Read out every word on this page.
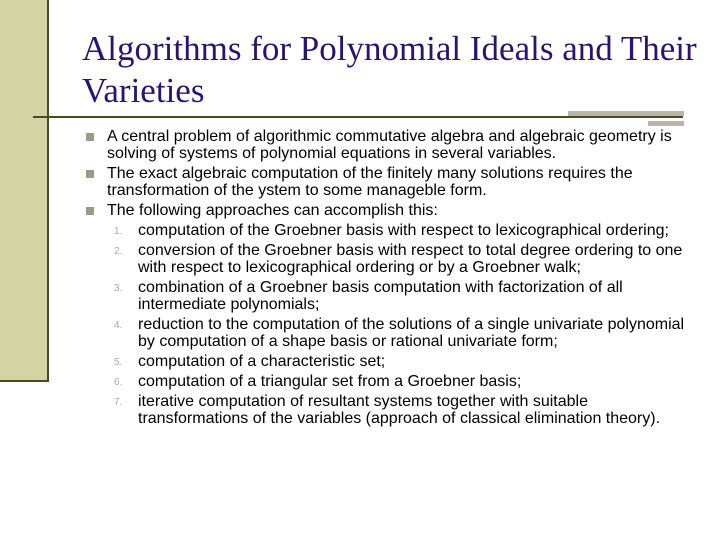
Algorithms for Polynomial Ideals and Their Varieties
A central problem of algorithmic commutative algebra and algebraic geometry is solving of systems of polynomial equations in several variables.
The exact algebraic computation of the finitely many solutions requires the transformation of the ystem to some manageble form.
The following approaches can accomplish this:
1. computation of the Groebner basis with respect to lexicographical ordering;
2. conversion of the Groebner basis with respect to total degree ordering to one with respect to lexicographical ordering or by a Groebner walk;
3. combination of a Groebner basis computation with factorization of all intermediate polynomials;
4. reduction to the computation of the solutions of a single univariate polynomial by computation of a shape basis or rational univariate form;
5. computation of a characteristic set;
6. computation of a triangular set from a Groebner basis;
7. iterative computation of resultant systems together with suitable transformations of the variables (approach of classical elimination theory).
